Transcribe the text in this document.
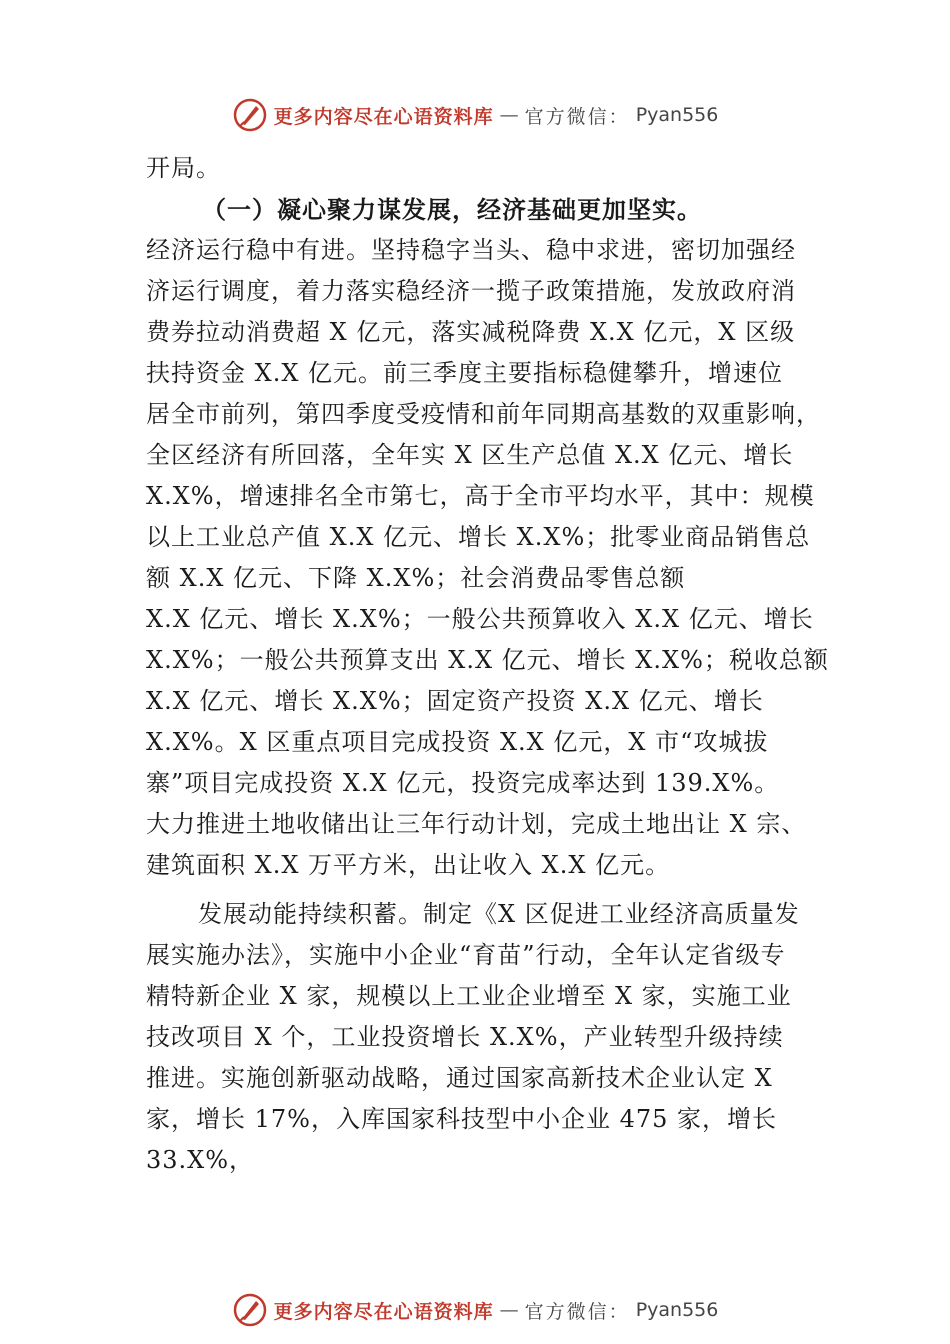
更多内容尽在心语资料库 — 官方微信： Pyan556
开局。
（一）凝心聚力谋发展，经济基础更加坚实。
经济运行稳中有进。坚持稳字当头、稳中求进，密切加强经
济运行调度，着力落实稳经济一揽子政策措施，发放政府消
费券拉动消费超 X 亿元，落实减税降费 X.X 亿元，X 区级
扶持资金 X.X 亿元。前三季度主要指标稳健攀升，增速位
居全市前列，第四季度受疫情和前年同期高基数的双重影响，
全区经济有所回落，全年实 X 区生产总值 X.X 亿元、增长
X.X%，增速排名全市第七，高于全市平均水平，其中：规模
以上工业总产值 X.X 亿元、增长 X.X%；批零业商品销售总
额 X.X 亿元、下降 X.X%；社会消费品零售总额
X.X 亿元、增长 X.X%；一般公共预算收入 X.X 亿元、增长
X.X%；一般公共预算支出 X.X 亿元、增长 X.X%；税收总额
X.X 亿元、增长 X.X%；固定资产投资 X.X 亿元、增长
X.X%。X 区重点项目完成投资 X.X 亿元，X 市“攻城拔
寨”项目完成投资 X.X 亿元，投资完成率达到 139.X%。
大力推进土地收储出让三年行动计划，完成土地出让 X 宗、
建筑面积 X.X 万平方米，出让收入 X.X 亿元。
发展动能持续积蓄。制定《X 区促进工业经济高质量发
展实施办法》，实施中小企业“育苗”行动，全年认定省级专
精特新企业 X 家，规模以上工业企业增至 X 家，实施工业
技改项目 X 个，工业投资增长 X.X%，产业转型升级持续
推进。实施创新驱动战略，通过国家高新技术企业认定 X
家，增长 17%，入库国家科技型中小企业 475 家，增长
33.X%，
更多内容尽在心语资料库 — 官方微信： Pyan556
